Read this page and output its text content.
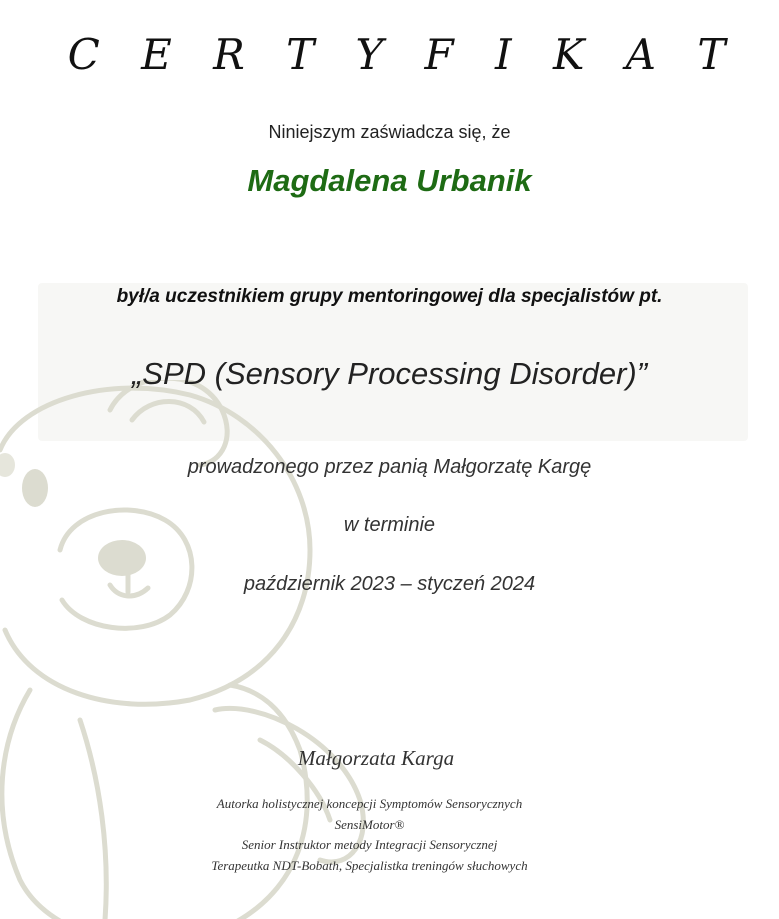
C E R T Y F I K A T
Niniejszym zaświadcza się, że
Magdalena Urbanik
był/a uczestnikiem grupy mentoringowej dla specjalistów pt.
„SPD (Sensory Processing Disorder)”
prowadzonego przez panią Małgorzatę Kargę
w terminie
październik 2023 – styczeń 2024
Małgorzata Karga
Autorka holistycznej koncepcji Symptomów Sensorycznych
SensiMotor®
Senior Instruktor metody Integracji Sensorycznej
Terapeutka NDT-Bobath, Specjalistka treningów słuchowych
